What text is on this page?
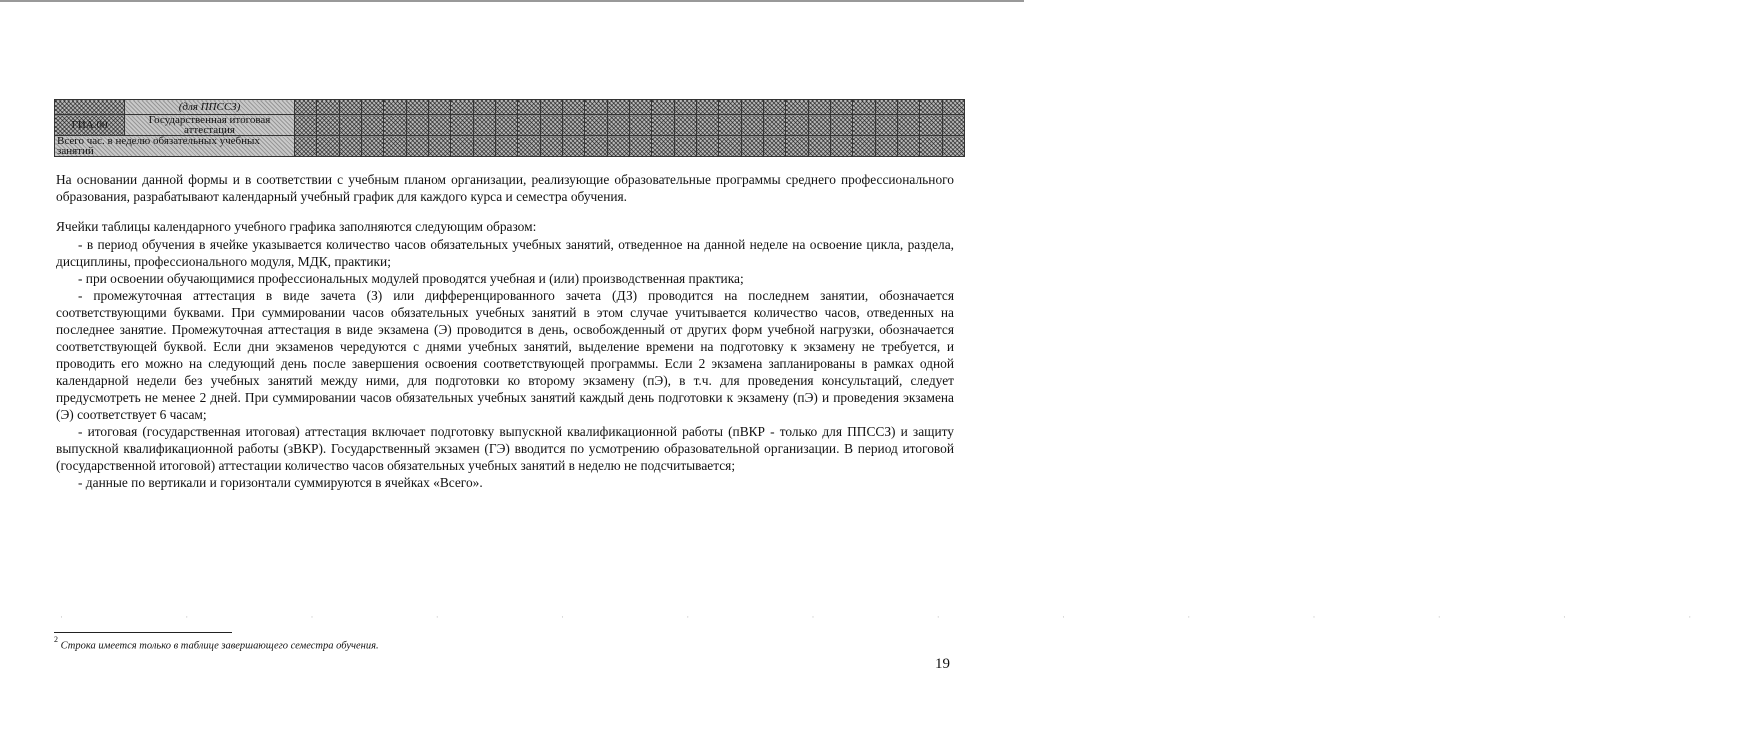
	(для ППССЗ)																														
ГИА.00	Государственная итоговая аттестация																														
Всего час. в неделю обязательных учебных занятий																															

На основании данной формы и в соответствии с учебным планом организации, реализующие образовательные программы среднего профессионального образования, разрабатывают календарный учебный график для каждого курса и семестра обучения.

Ячейки таблицы календарного учебного графика заполняются следующим образом:

- в период обучения в ячейке указывается количество часов обязательных учебных занятий, отведенное на данной неделе на освоение цикла, раздела, дисциплины, профессионального модуля, МДК, практики;
- при освоении обучающимися профессиональных модулей проводятся учебная и (или) производственная практика;
- промежуточная аттестация в виде зачета (З) или дифференцированного зачета (ДЗ) проводится на последнем занятии, обозначается соответствующими буквами. При суммировании часов обязательных учебных занятий в этом случае учитывается количество часов, отведенных на последнее занятие. Промежуточная аттестация в виде экзамена (Э) проводится в день, освобожденный от других форм учебной нагрузки, обозначается соответствующей буквой. Если дни экзаменов чередуются с днями учебных занятий, выделение времени на подготовку к экзамену не требуется, и проводить его можно на следующий день после завершения освоения соответствующей программы. Если 2 экзамена запланированы в рамках одной календарной недели без учебных занятий между ними, для подготовки ко второму экзамену (пЭ), в т.ч. для проведения консультаций, следует предусмотреть не менее 2 дней. При суммировании часов обязательных учебных занятий каждый день подготовки к экзамену (пЭ) и проведения экзамена (Э) соответствует 6 часам;
- итоговая (государственная итоговая) аттестация включает подготовку выпускной квалификационной работы (пВКР - только для ППССЗ) и защиту выпускной квалификационной работы (зВКР). Государственный экзамен (ГЭ) вводится по усмотрению образовательной организации. В период итоговой (государственной итоговой) аттестации количество часов обязательных учебных занятий в неделю не подсчитывается;
- данные по вертикали и горизонтали суммируются в ячейках «Всего».
· · · · · · · · · · · · · ·
$^2$ Строка имеется только в таблице завершающего семестра обучения.
19
